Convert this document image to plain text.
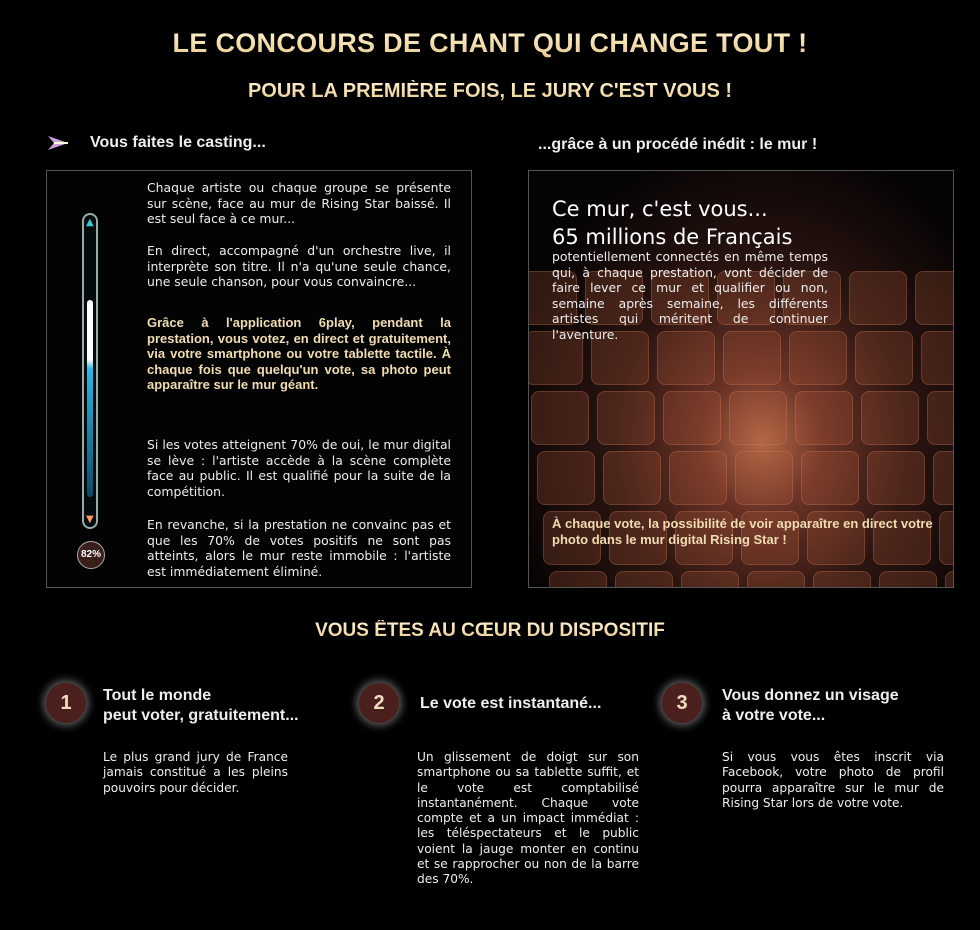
LE CONCOURS DE CHANT QUI CHANGE TOUT !
POUR LA PREMIÈRE FOIS, LE JURY C'EST VOUS !
Vous faites le casting...	...grâce à un procédé inédit : le mur !
▲
▼
82%

Chaque artiste ou chaque groupe se présente sur scène, face au mur de Rising Star baissé. Il est seul face à ce mur...

En direct, accompagné d'un orchestre live, il interprète son titre. Il n'a qu'une seule chance, une seule chanson, pour vous convaincre...

Grâce à l'application 6play, pendant la prestation, vous votez, en direct et gratuitement, via votre smartphone ou votre tablette tactile. À chaque fois que quelqu'un vote, sa photo peut apparaître sur le mur géant.

Si les votes atteignent 70% de oui, le mur digital se lève : l'artiste accède à la scène complète face au public. Il est qualifié pour la suite de la compétition.

En revanche, si la prestation ne convainc pas et que les 70% de votes positifs ne sont pas atteints, alors le mur reste immobile : l'artiste est immédiatement éliminé.

Ce mur, c'est vous...
65 millions de Français

potentiellement connectés en même temps qui, à chaque prestation, vont décider de faire lever ce mur et qualifier ou non, semaine après semaine, les différents artistes qui méritent de continuer l'aventure.

À chaque vote, la possibilité de voir apparaître en direct votre photo dans le mur digital Rising Star !

VOUS ÊTES AU CŒUR DU DISPOSITIF
1	Tout le monde
peut voter, gratuitement...

Le plus grand jury de France jamais constitué a les pleins pouvoirs pour décider.

2	Le vote est instantané...

Un glissement de doigt sur son smartphone ou sa tablette suffit, et le vote est comptabilisé instantanément. Chaque vote compte et a un impact immédiat : les téléspectateurs et le public voient la jauge monter en continu et se rapprocher ou non de la barre des 70%.

3	Vous donnez un visage
à votre vote...

Si vous vous êtes inscrit via Facebook, votre photo de profil pourra apparaître sur le mur de Rising Star lors de votre vote.
